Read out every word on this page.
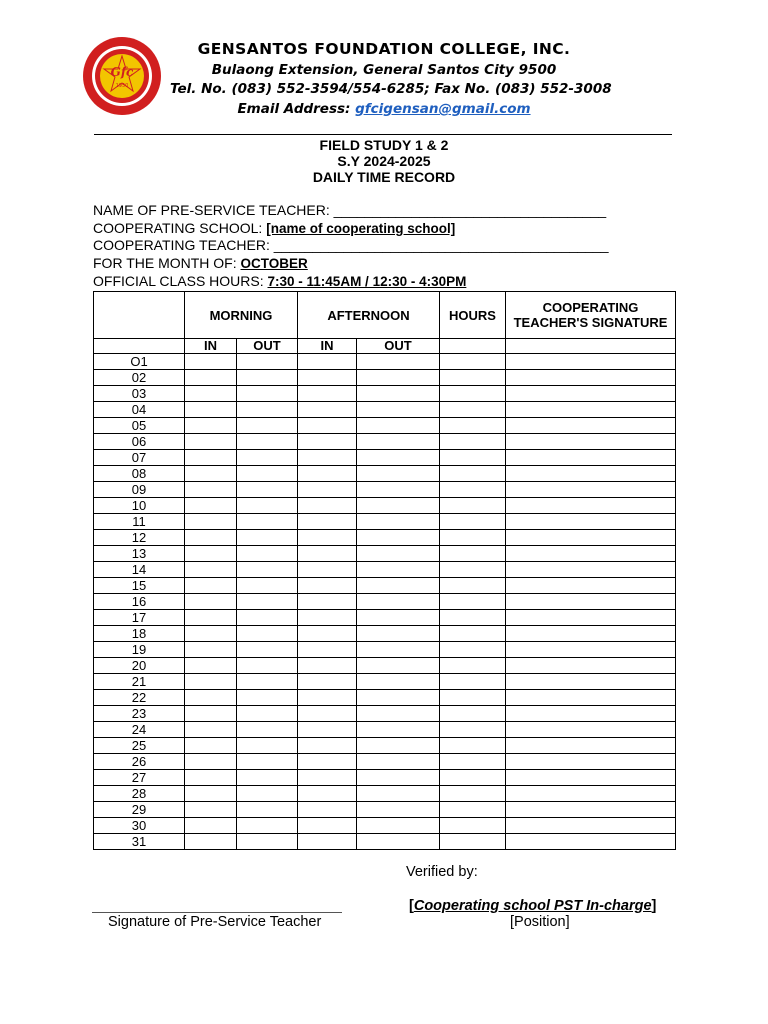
Gfc
1950
GENSANTOS FOUNDATION COLLEGE, INC.
Bulaong Extension, General Santos City 9500
Tel. No. (083) 552-3594/554-6285; Fax No. (083) 552-3008
Email Address: gfcigensan@gmail.com
FIELD STUDY 1 & 2
S.Y 2024-2025
DAILY TIME RECORD
NAME OF PRE-SERVICE TEACHER: ___________________________________
COOPERATING SCHOOL: [name of cooperating school]
COOPERATING TEACHER: ___________________________________________
FOR THE MONTH OF: OCTOBER
OFFICIAL CLASS HOURS: 7:30 - 11:45AM / 12:30 - 4:30PM
	MORNING		AFTERNOON		HOURS	COOPERATING TEACHER'S SIGNATURE
	IN	OUT	IN	OUT		
O1						
02						
03						
04						
05						
06						
07						
08						
09						
10						
11						
12						
13						
14						
15						
16						
17						
18						
19						
20						
21						
22						
23						
24						
25						
26						
27						
28						
29						
30						
31						
Verified by:
Signature of Pre-Service Teacher
[Cooperating school PST In-charge]
[Position]
